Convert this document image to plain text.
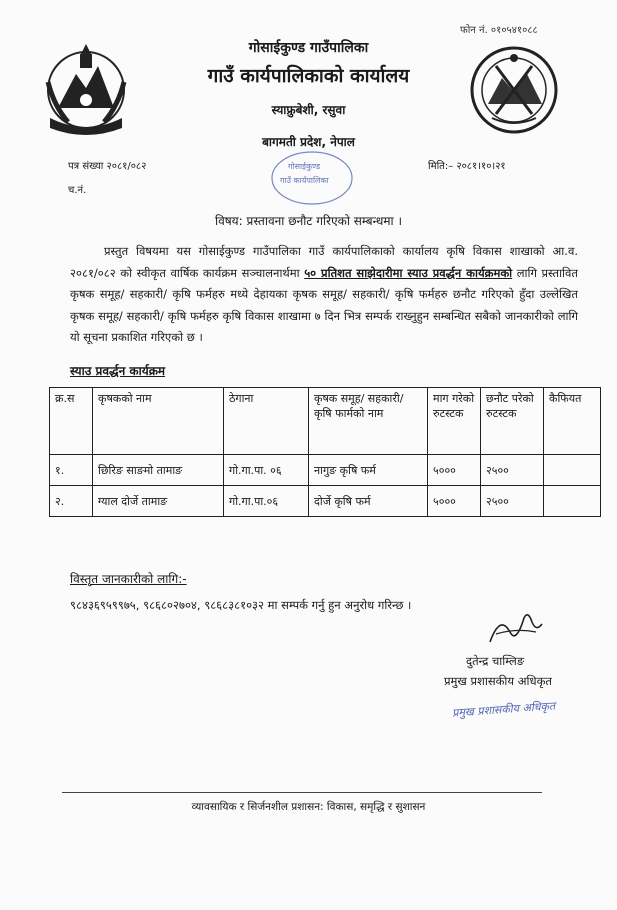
फोन नं. ०१०५४१०८८
गोसाईकुण्ड गाउँपालिका
गाउँ कार्यपालिकाको कार्यालय
स्याफ्रुबेशी, रसुवा
बागमती प्रदेश, नेपाल
पत्र संख्या २०८१/०८२
च.नं.
मिति:– २०८१।१०।२१
गोसाईकुण्ड
गाउँ कार्यपालिका
विषय: प्रस्तावना छनौट गरिएको सम्बन्धमा ।
प्रस्तुत विषयमा यस गोसाईकुण्ड गाउँपालिका गाउँ कार्यपालिकाको कार्यालय कृषि विकास शाखाको आ.व. २०८१/०८२ को स्वीकृत वार्षिक कार्यक्रम सञ्चालनार्थमा ५० प्रतिशत साझेदारीमा स्याउ प्रवर्द्धन कार्यक्रमको लागि प्रस्तावित कृषक समूह/ सहकारी/ कृषि फर्महरु मध्ये देहायका कृषक समूह/ सहकारी/ कृषि फर्महरु छनौट गरिएको हुँदा उल्लेखित कृषक समूह/ सहकारी/ कृषि फर्महरु कृषि विकास शाखामा ७ दिन भित्र सम्पर्क राख्नुहुन सम्बन्धित सबैको जानकारीको लागि यो सूचना प्रकाशित गरिएको छ ।
स्याउ प्रवर्द्धन कार्यक्रम
क्र.स	कृषकको नाम	ठेगाना	कृषक समूह/ सहकारी/ कृषि फार्मको नाम	माग गरेको रुटस्टक	छनौट परेको रुटस्टक	कैफियत
१.	छिरिङ साङमो तामाङ	गो.गा.पा. ०६	नागुङ कृषि फर्म	५०००	२५००	
२.	ग्याल दोर्जे तामाङ	गो.गा.पा.०६	दोर्जे कृषि फर्म	५०००	२५००	
विस्तृत जानकारीको लागि:-
९८४३६९५९९७५, ९८६८०२७०४, ९८६८३८१०३२ मा सम्पर्क गर्नु हुन अनुरोध गरिन्छ ।
दुतेन्द्र चाम्लिङ
प्रमुख प्रशासकीय अधिकृत
प्रमुख प्रशासकीय अधिकृत
व्यावसायिक र सिर्जनशील प्रशासन: विकास, समृद्धि र सुशासन
